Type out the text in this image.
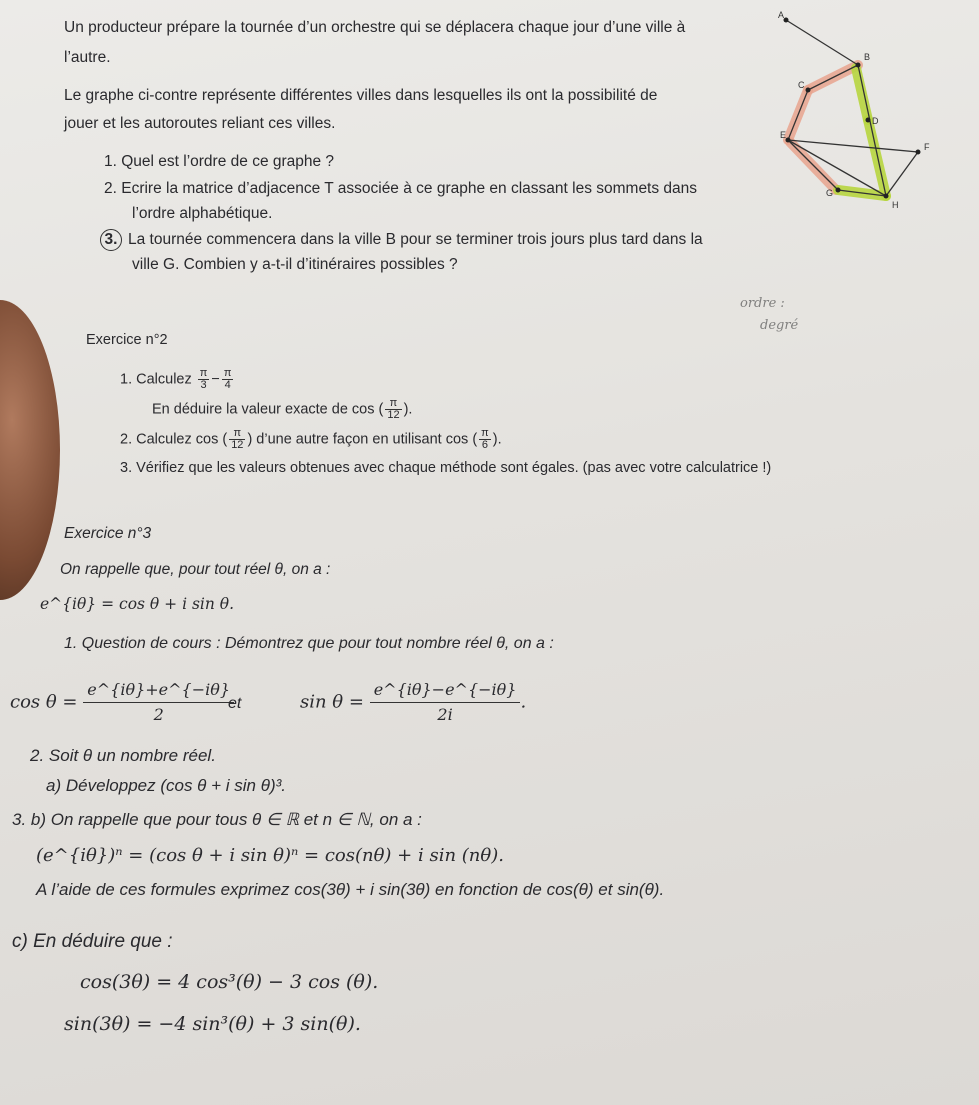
Un producteur prépare la tournée d’un orchestre qui se déplacera chaque jour d’une ville à
l’autre.
Le graphe ci-contre représente différentes villes dans lesquelles ils ont la possibilité de
jouer et les autoroutes reliant ces villes.
1. Quel est l’ordre de ce graphe ?
2. Ecrire la matrice d’adjacence T associée à ce graphe en classant les sommets dans
l’ordre alphabétique.
3. La tournée commencera dans la ville B pour se terminer trois jours plus tard dans la
ville G. Combien y a-t-il d’itinéraires possibles ?
A
B
C
D
E
F
G
H
ordre :
degré
Exercice n°2
1. Calculez $\frac{\pi}{3} - \frac{\pi}{4}$
En déduire la valeur exacte de cos ( $\frac{\pi}{12}$ ).
2. Calculez cos ( $\frac{\pi}{12}$ ) d’une autre façon en utilisant cos ( $\frac{\pi}{6}$ ).
3. Vérifiez que les valeurs obtenues avec chaque méthode sont égales. (pas avec votre calculatrice !)
Exercice n°3
On rappelle que, pour tout réel θ, on a :
e^{iθ} = cos θ + i sin θ.
1. Question de cours : Démontrez que pour tout nombre réel θ, on a :
$\cos \theta = \frac{e\^{}\{i\theta\}+e\^{}\{-i\theta\}}{2}$
et	$\sin \theta = \frac{e\^{}\{i\theta\}-e\^{}\{-i\theta\}}{2i}$ .
2. Soit θ un nombre réel.
a) Développez (cos θ + i sin θ)³.
3. b) On rappelle que pour tous θ ∈ ℝ et n ∈ ℕ, on a :
(e^{iθ})ⁿ = (cos θ + i sin θ)ⁿ = cos(nθ) + i sin (nθ).
A l’aide de ces formules exprimez cos(3θ) + i sin(3θ) en fonction de cos(θ) et sin(θ).
c) En déduire que :
cos(3θ) = 4 cos³(θ) − 3 cos (θ).
sin(3θ) = −4 sin³(θ) + 3 sin(θ).
